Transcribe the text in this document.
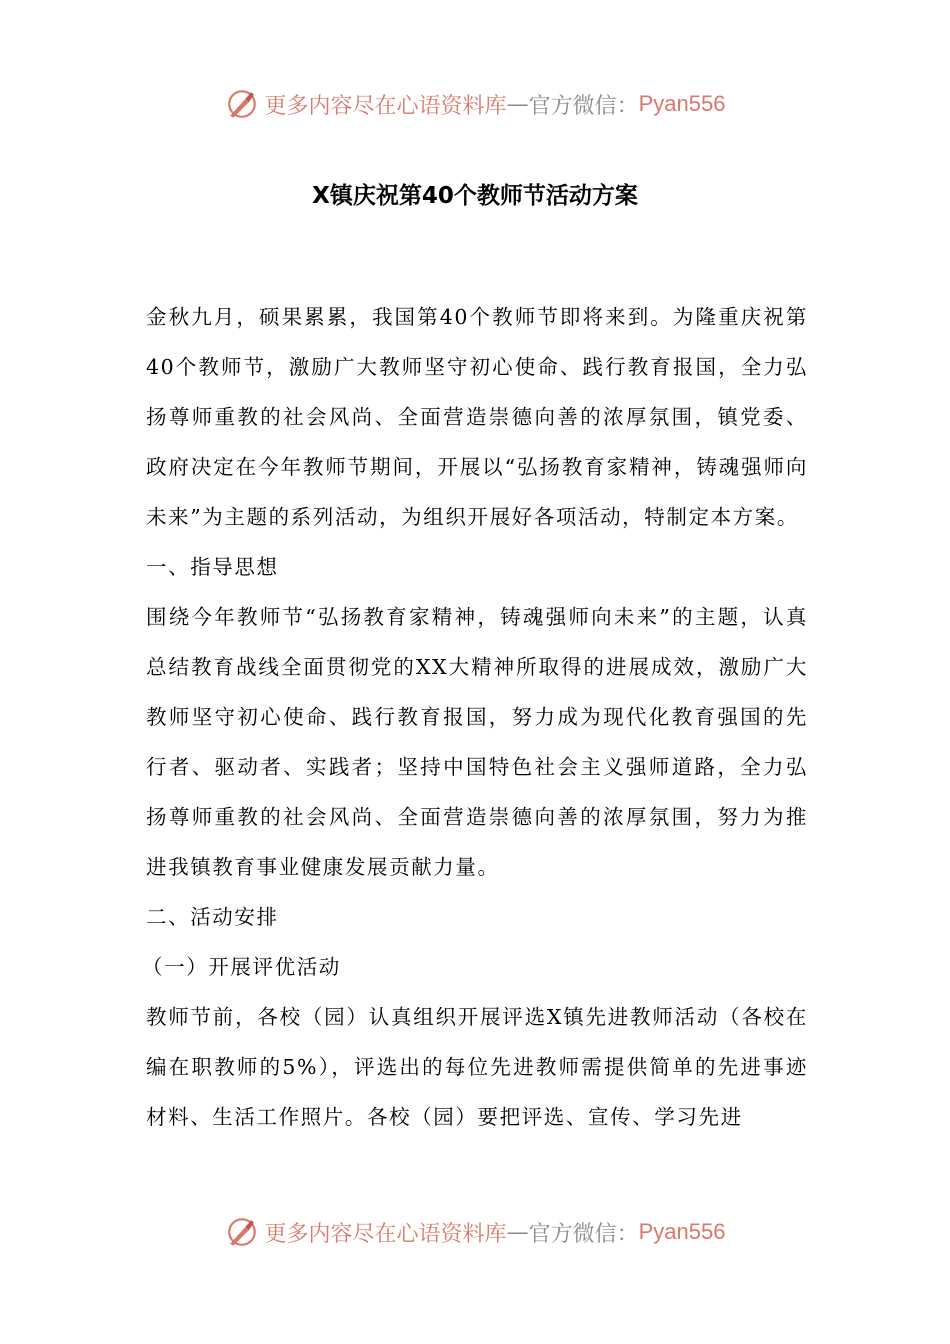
更多内容尽在心语资料库 — 官方微信： Pyan556
X镇庆祝第40个教师节活动方案

金秋九月，硕果累累，我国第40个教师节即将来到。为隆重庆祝第40个教师节，激励广大教师坚守初心使命、践行教育报国，全力弘扬尊师重教的社会风尚、全面营造崇德向善的浓厚氛围，镇党委、政府决定在今年教师节期间，开展以“弘扬教育家精神，铸魂强师向未来”为主题的系列活动，为组织开展好各项活动，特制定本方案。

一、指导思想

围绕今年教师节“弘扬教育家精神，铸魂强师向未来”的主题，认真总结教育战线全面贯彻党的XX大精神所取得的进展成效，激励广大教师坚守初心使命、践行教育报国，努力成为现代化教育强国的先行者、驱动者、实践者；坚持中国特色社会主义强师道路，全力弘扬尊师重教的社会风尚、全面营造崇德向善的浓厚氛围，努力为推进我镇教育事业健康发展贡献力量。

二、活动安排

（一）开展评优活动

教师节前，各校（园）认真组织开展评选X镇先进教师活动（各校在编在职教师的5%），评选出的每位先进教师需提供简单的先进事迹材料、生活工作照片。各校（园）要把评选、宣传、学习先进

更多内容尽在心语资料库 — 官方微信： Pyan556
